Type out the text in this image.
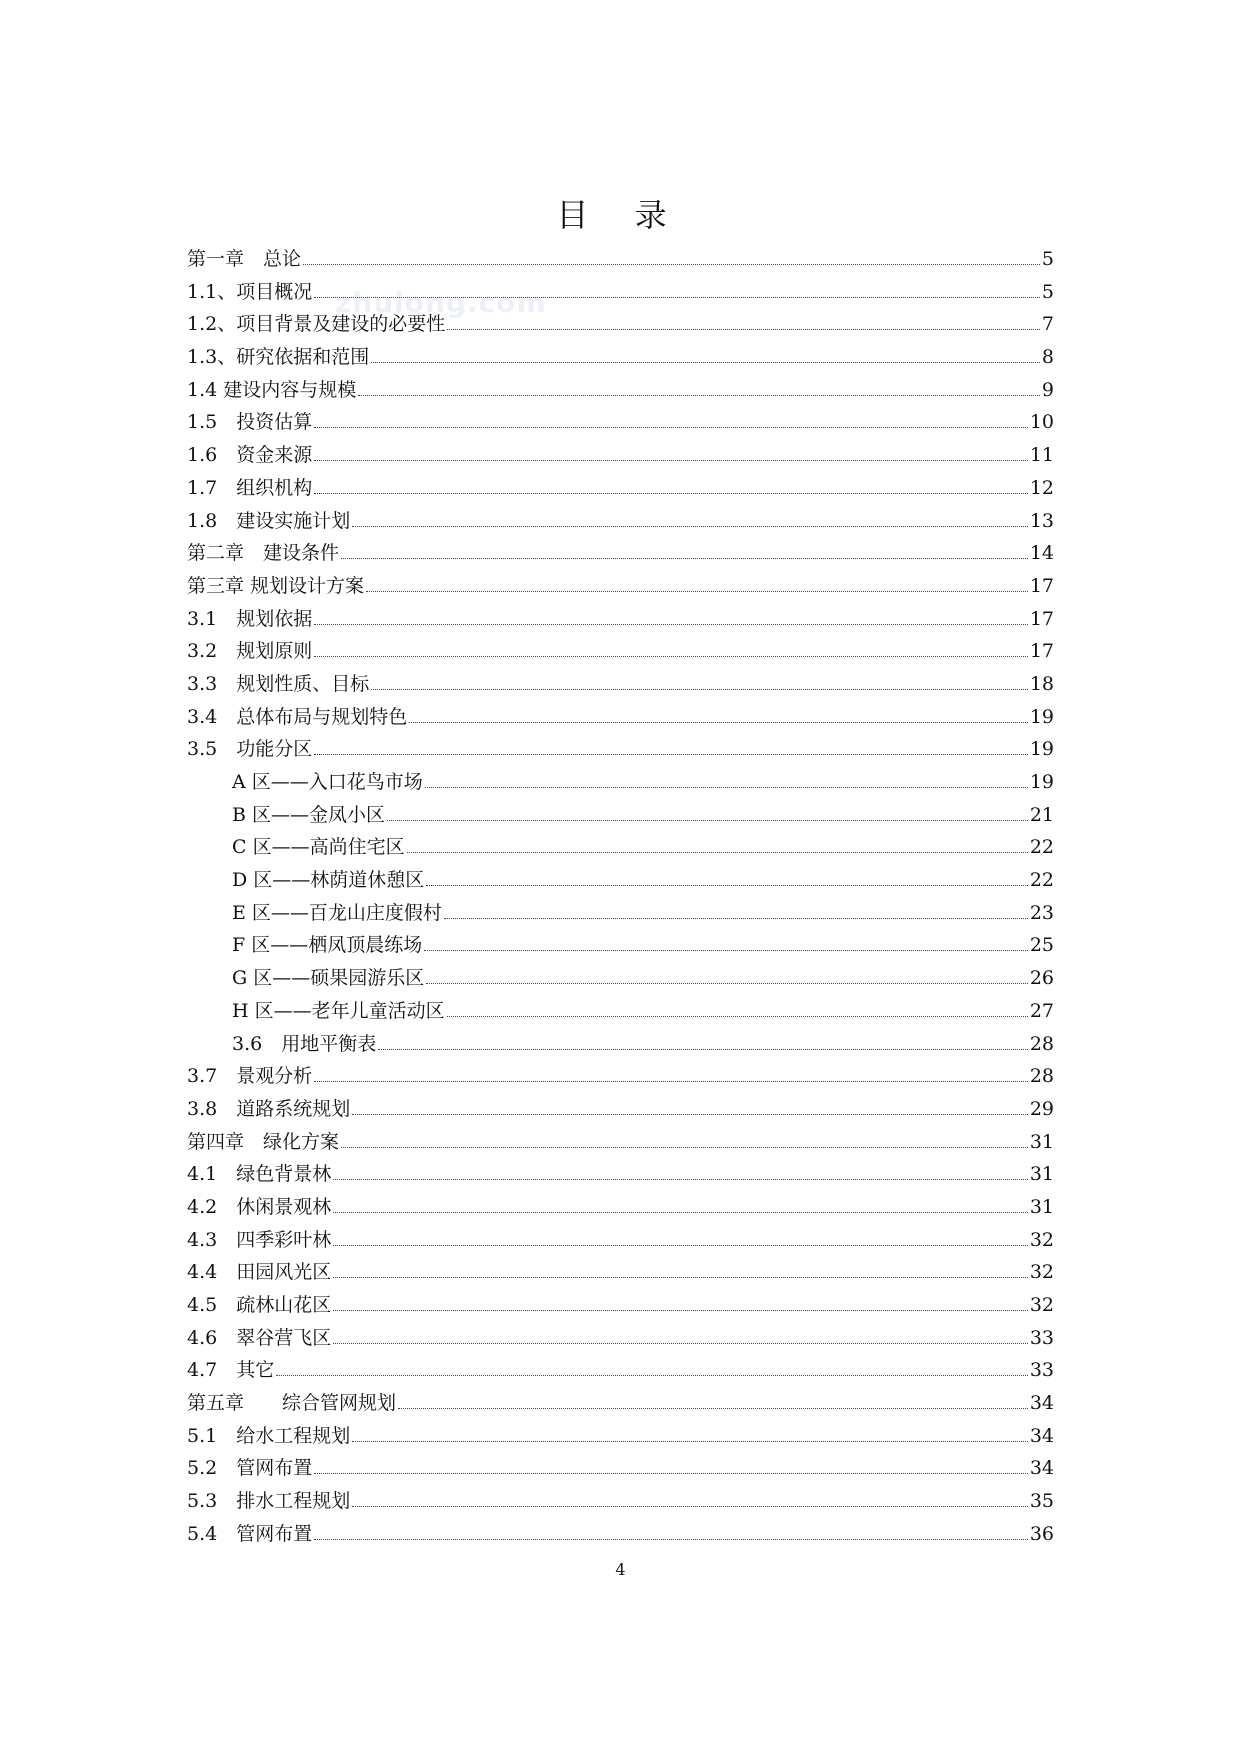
目 录
zhulong.com
第一章　总论	5
1.1、项目概况	5
1.2、项目背景及建设的必要性	7
1.3、研究依据和范围	8
1.4 建设内容与规模	9
1.5　投资估算	10
1.6　资金来源	11
1.7　组织机构	12
1.8　建设实施计划	13
第二章　建设条件	14
第三章 规划设计方案	17
3.1　规划依据	17
3.2　规划原则	17
3.3　规划性质、目标	18
3.4　总体布局与规划特色	19
3.5　功能分区	19
A 区——入口花鸟市场	19
B 区——金凤小区	21
C 区——高尚住宅区	22
D 区——林荫道休憩区	22
E 区——百龙山庄度假村	23
F 区——栖凤顶晨练场	25
G 区——硕果园游乐区	26
H 区——老年儿童活动区	27
3.6　用地平衡表	28
3.7　景观分析	28
3.8　道路系统规划	29
第四章　绿化方案	31
4.1　绿色背景林	31
4.2　休闲景观林	31
4.3　四季彩叶林	32
4.4　田园风光区	32
4.5　疏林山花区	32
4.6　翠谷营飞区	33
4.7　其它	33
第五章　　综合管网规划	34
5.1　给水工程规划	34
5.2　管网布置	34
5.3　排水工程规划	35
5.4　管网布置	36
4
